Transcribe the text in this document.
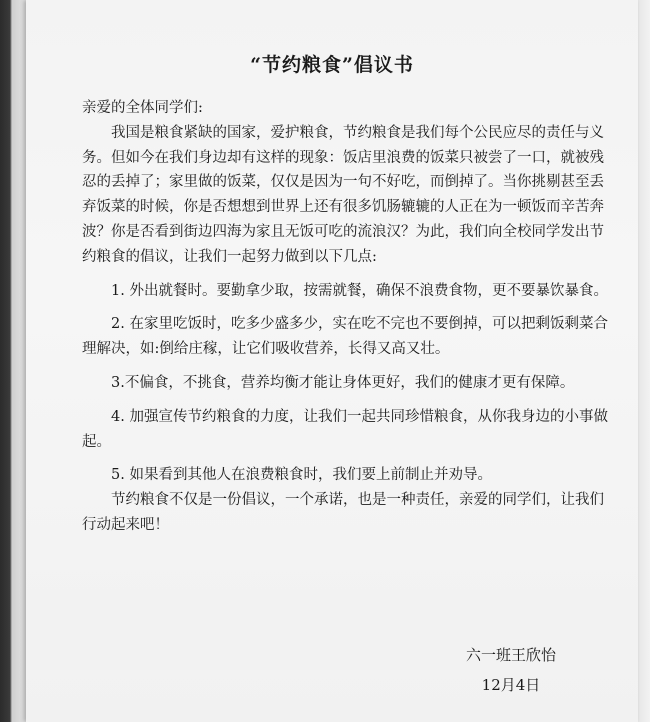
“节约粮食”倡议书

亲爱的全体同学们:

我国是粮食紧缺的国家，爱护粮食，节约粮食是我们每个公民应尽的责任与义务。但如今在我们身边却有这样的现象：饭店里浪费的饭菜只被尝了一口，就被残忍的丢掉了；家里做的饭菜，仅仅是因为一句不好吃，而倒掉了。当你挑剔甚至丢弃饭菜的时候，你是否想想到世界上还有很多饥肠辘辘的人正在为一顿饭而辛苦奔波？你是否看到街边四海为家且无饭可吃的流浪汉？为此，我们向全校同学发出节约粮食的倡议，让我们一起努力做到以下几点:

1. 外出就餐时。要勤拿少取，按需就餐，确保不浪费食物，更不要暴饮暴食。

2. 在家里吃饭时，吃多少盛多少，实在吃不完也不要倒掉，可以把剩饭剩菜合理解决，如:倒给庄稼，让它们吸收营养，长得又高又壮。

3.不偏食，不挑食，营养均衡才能让身体更好，我们的健康才更有保障。

4. 加强宣传节约粮食的力度，让我们一起共同珍惜粮食，从你我身边的小事做起。

5. 如果看到其他人在浪费粮食时，我们要上前制止并劝导。

节约粮食不仅是一份倡议，一个承诺，也是一种责任，亲爱的同学们，让我们行动起来吧！

六一班王欣怡
12月4日
